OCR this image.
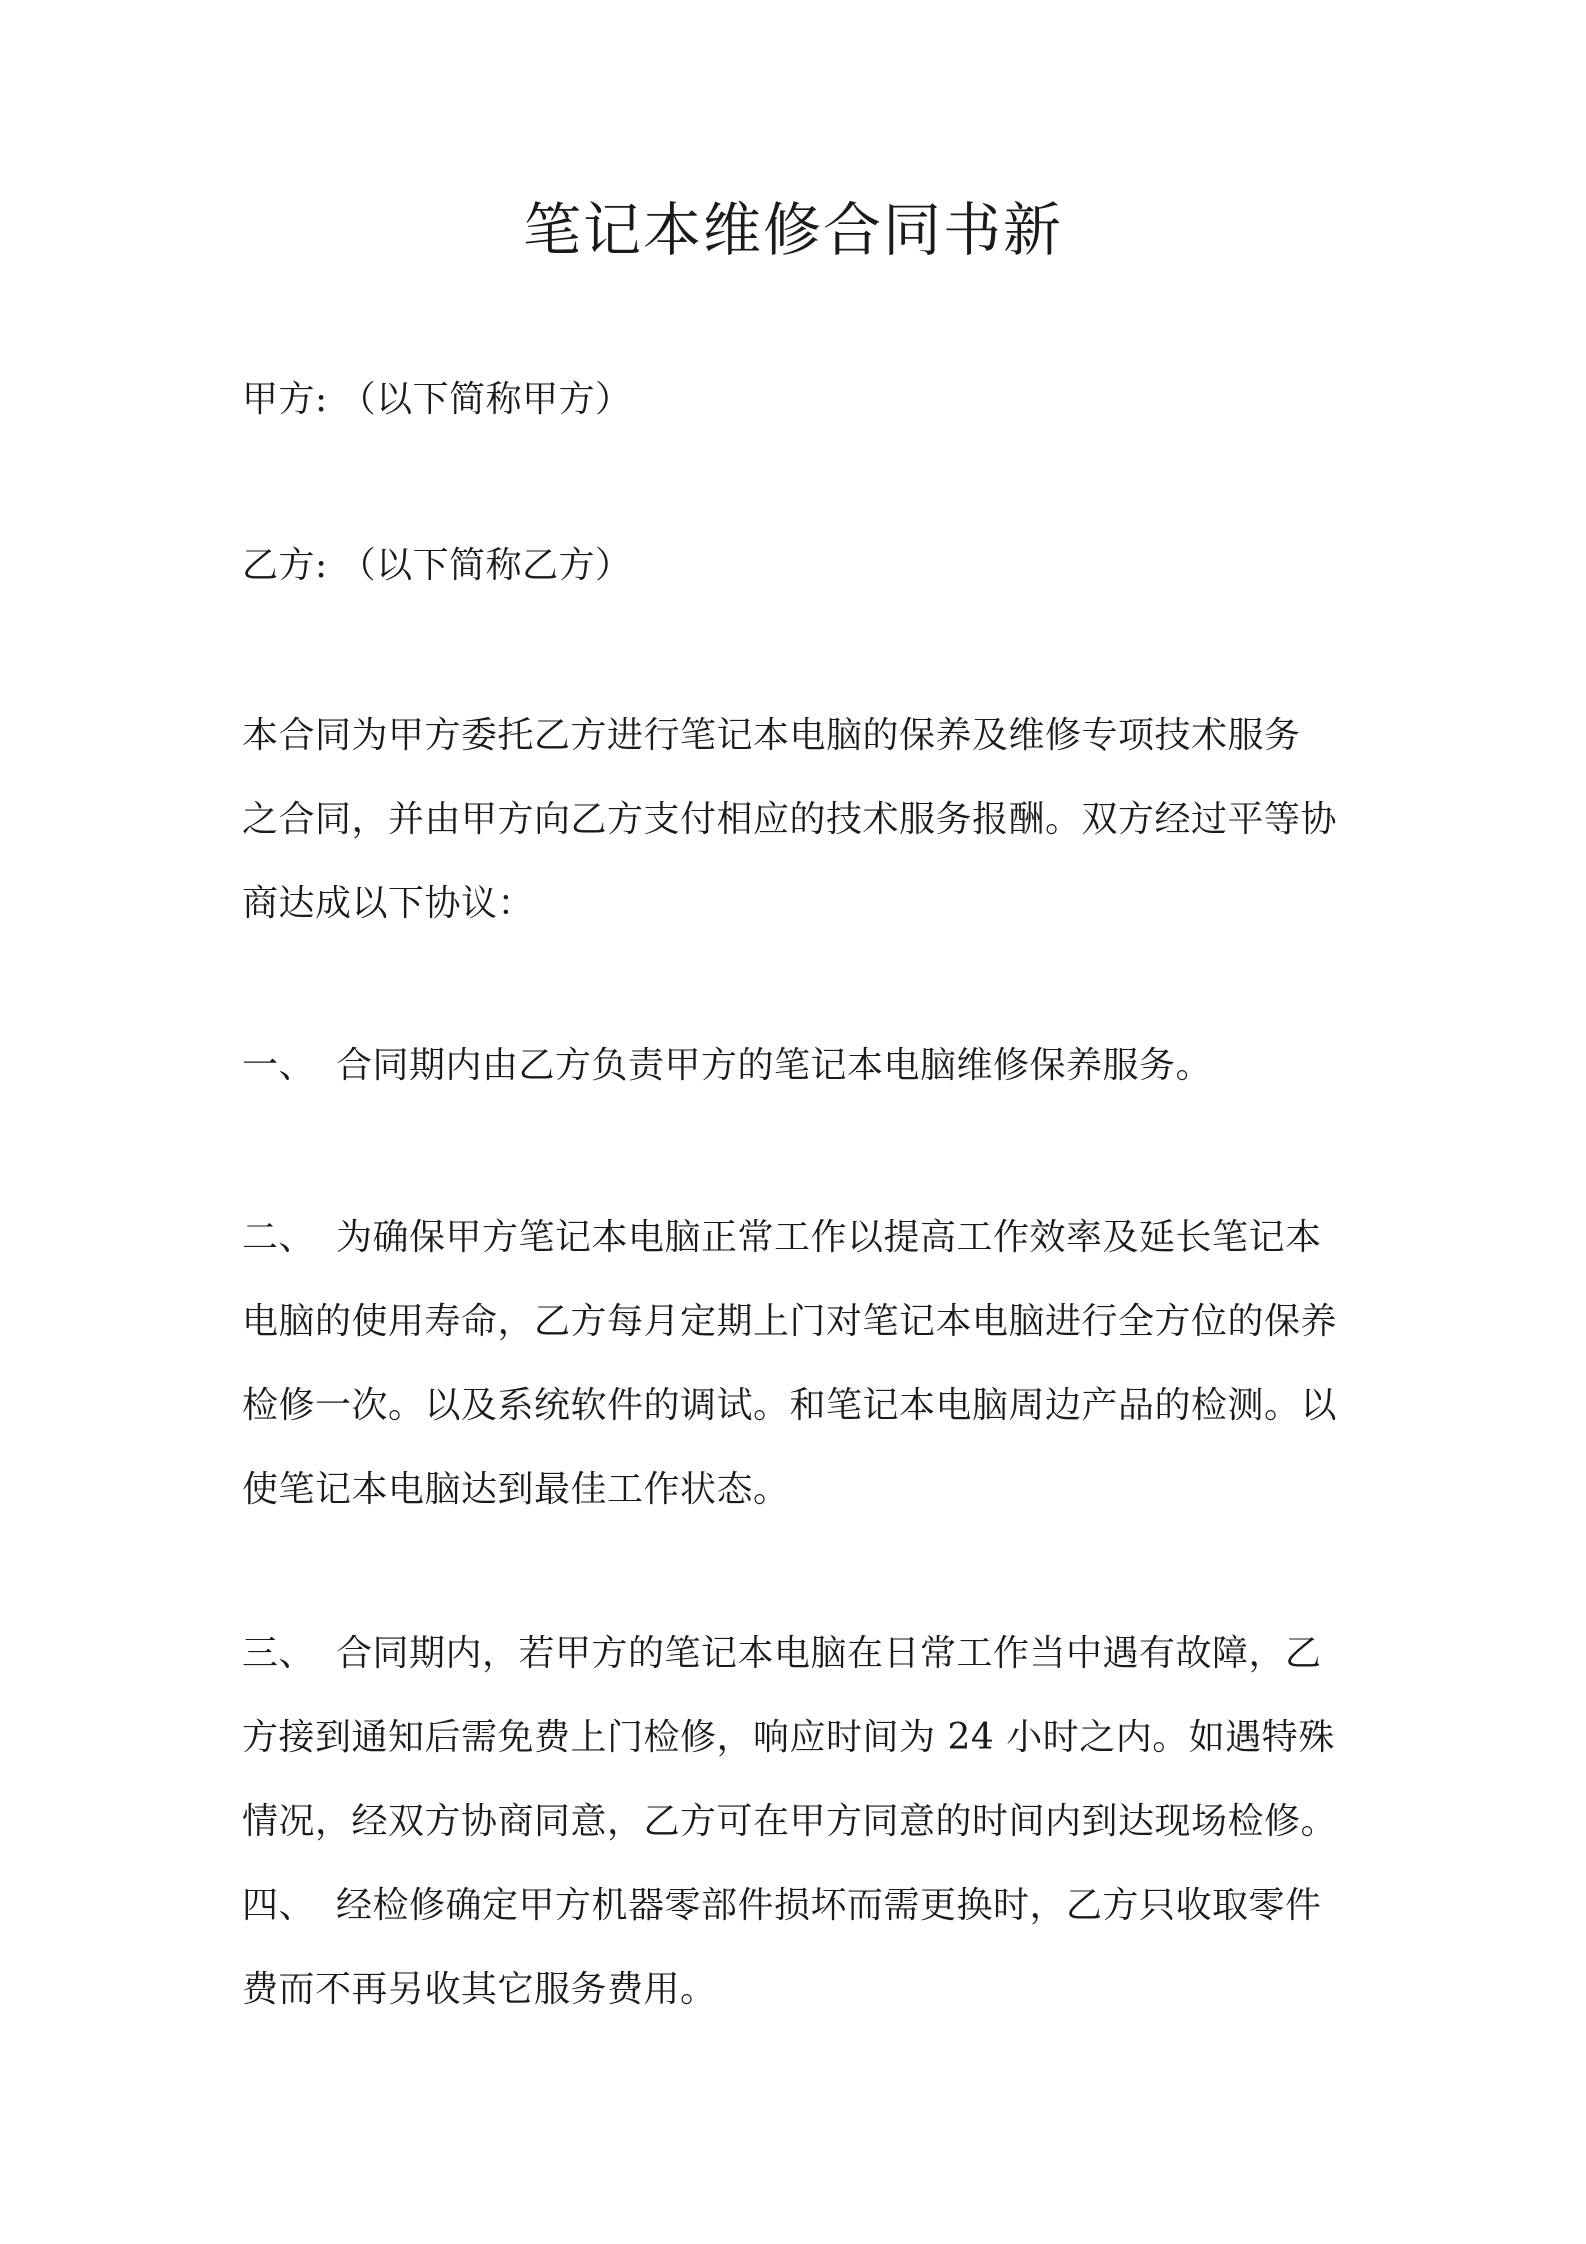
笔记本维修合同书新
甲方: （以下简称甲方）
乙方: （以下简称乙方）
本合同为甲方委托乙方进行笔记本电脑的保养及维修专项技术服务
之合同，并由甲方向乙方支付相应的技术服务报酬。双方经过平等协
商达成以下协议：
一、 合同期内由乙方负责甲方的笔记本电脑维修保养服务。
二、 为确保甲方笔记本电脑正常工作以提高工作效率及延长笔记本
电脑的使用寿命，乙方每月定期上门对笔记本电脑进行全方位的保养
检修一次。以及系统软件的调试。和笔记本电脑周边产品的检测。以
使笔记本电脑达到最佳工作状态。
三、 合同期内，若甲方的笔记本电脑在日常工作当中遇有故障，乙
方接到通知后需免费上门检修，响应时间为 24 小时之内。如遇特殊
情况，经双方协商同意，乙方可在甲方同意的时间内到达现场检修。
四、 经检修确定甲方机器零部件损坏而需更换时，乙方只收取零件
费而不再另收其它服务费用。
